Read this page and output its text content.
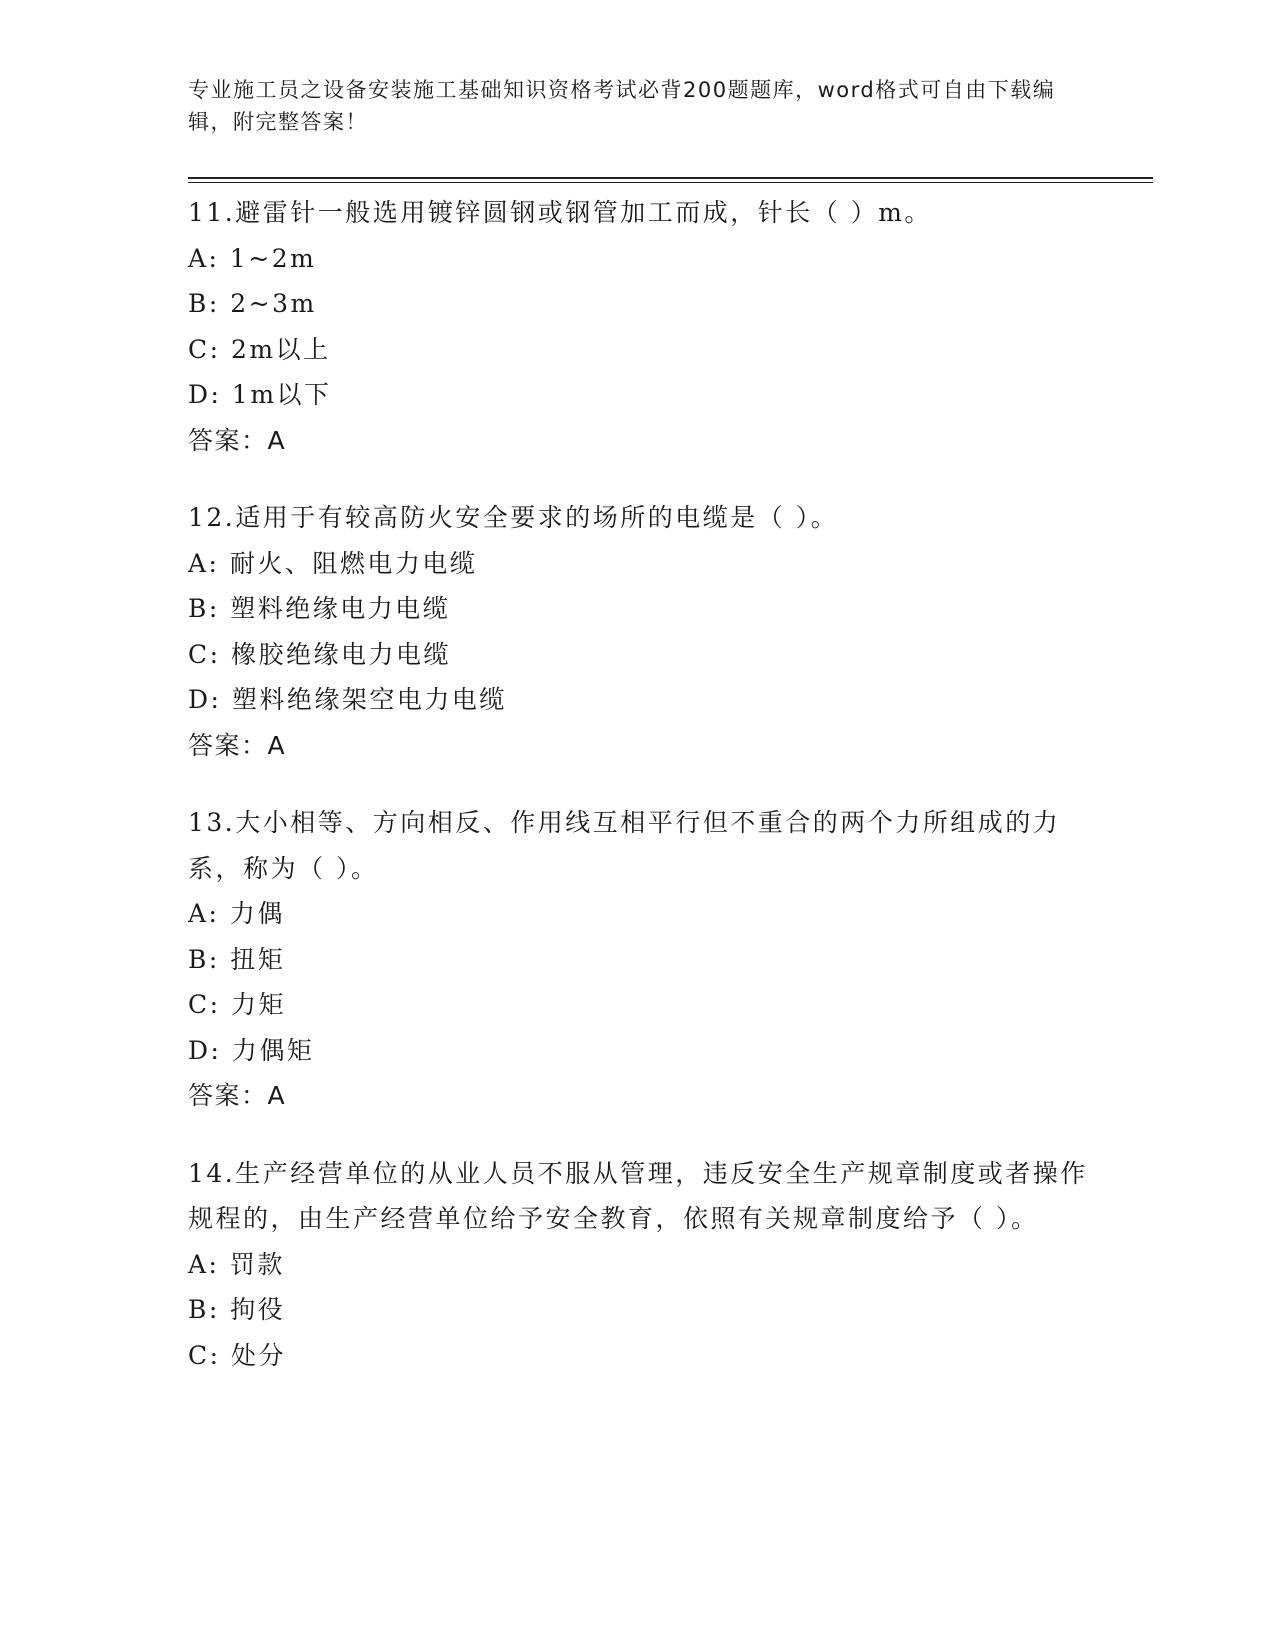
专业施工员之设备安装施工基础知识资格考试必背200题题库，word格式可自由下载编辑，附完整答案！

11.避雷针一般选用镀锌圆钢或钢管加工而成，针长（ ）m。

A: 1~2m

B: 2~3m

C: 2m以上

D: 1m以下

答案：A

12.适用于有较高防火安全要求的场所的电缆是（ ）。

A: 耐火、阻燃电力电缆

B: 塑料绝缘电力电缆

C: 橡胶绝缘电力电缆

D: 塑料绝缘架空电力电缆

答案：A

13.大小相等、方向相反、作用线互相平行但不重合的两个力所组成的力系，称为（ ）。

A: 力偶

B: 扭矩

C: 力矩

D: 力偶矩

答案：A

14.生产经营单位的从业人员不服从管理，违反安全生产规章制度或者操作规程的，由生产经营单位给予安全教育，依照有关规章制度给予（ ）。

A: 罚款

B: 拘役

C: 处分
